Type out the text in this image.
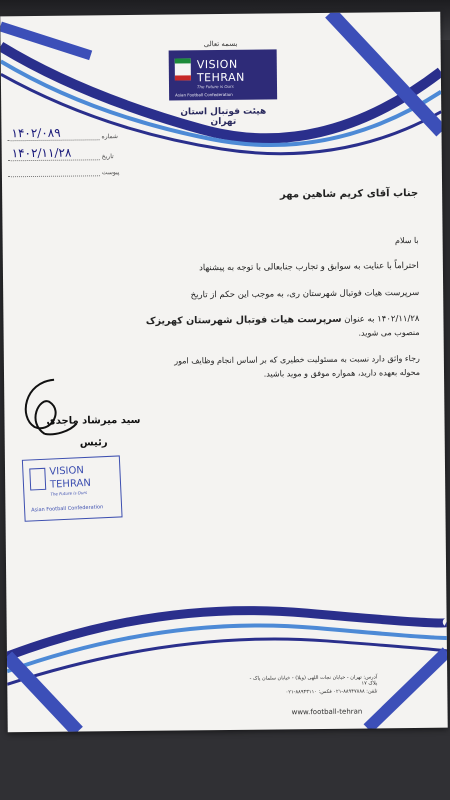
بسمه تعالی
VISION
TEHRAN
The Future is Ours
Asian Football Confederation
هیئت فوتبال استان تهران
۱۴۰۲/۰۸۹	شماره
۱۴۰۲/۱۱/۲۸	تاریخ
پیوست
جناب آقای کریم شاهین مهر
با سلام
احتراماً با عنایت به سوابق و تجارب جنابعالی با توجه به پیشنهاد
سرپرست هیات فوتبال شهرستان ری، به موجب این حکم از تاریخ
۱۴۰۲/۱۱/۲۸ به عنوان سرپرست هیات فوتبال شهرستان کهریزک
منصوب می شوید.
رجاء واثق دارد نسبت به مسئولیت خطیری که بر اساس انجام وظایف امور
محوله بعهده دارید، همواره موفق و موید باشید.
سید میرشاد ماجدی
رئیس
VISION
TEHRAN
The Future is Ours
Asian Football Confederation
آدرس: تهران - خیابان نجات اللهی (ویلا) - خیابان سلمان پاک - پلاک ۱۷
تلفن: ۸۸۹۴۷۸۸۸-۰۲۱ فکس: ۸۸۹۴۳۱۱۰-۰۲۱
www.football-tehran
